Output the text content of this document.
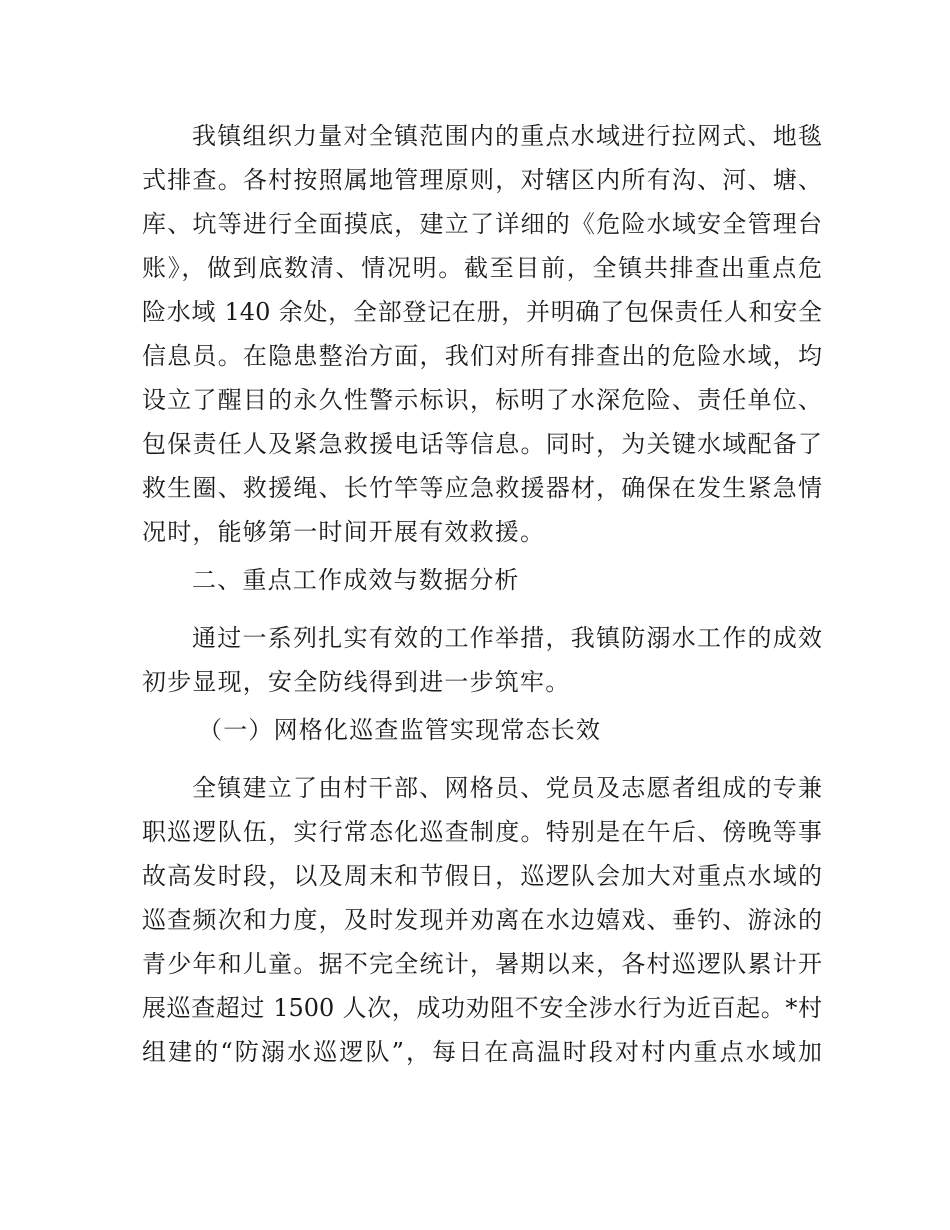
我镇组织力量对全镇范围内的重点水域进行拉网式、地毯
式排查。各村按照属地管理原则，对辖区内所有沟、河、塘、
库、坑等进行全面摸底，建立了详细的《危险水域安全管理台
账》，做到底数清、情况明。截至目前，全镇共排查出重点危
险水域 140 余处，全部登记在册，并明确了包保责任人和安全
信息员。在隐患整治方面，我们对所有排查出的危险水域，均
设立了醒目的永久性警示标识，标明了水深危险、责任单位、
包保责任人及紧急救援电话等信息。同时，为关键水域配备了
救生圈、救援绳、长竹竿等应急救援器材，确保在发生紧急情
况时，能够第一时间开展有效救援。
二、重点工作成效与数据分析
通过一系列扎实有效的工作举措，我镇防溺水工作的成效
初步显现，安全防线得到进一步筑牢。
（一）网格化巡查监管实现常态长效
全镇建立了由村干部、网格员、党员及志愿者组成的专兼
职巡逻队伍，实行常态化巡查制度。特别是在午后、傍晚等事
故高发时段，以及周末和节假日，巡逻队会加大对重点水域的
巡查频次和力度，及时发现并劝离在水边嬉戏、垂钓、游泳的
青少年和儿童。据不完全统计，暑期以来，各村巡逻队累计开
展巡查超过 1500 人次，成功劝阻不安全涉水行为近百起。*村
组建的“防溺水巡逻队”，每日在高温时段对村内重点水域加
